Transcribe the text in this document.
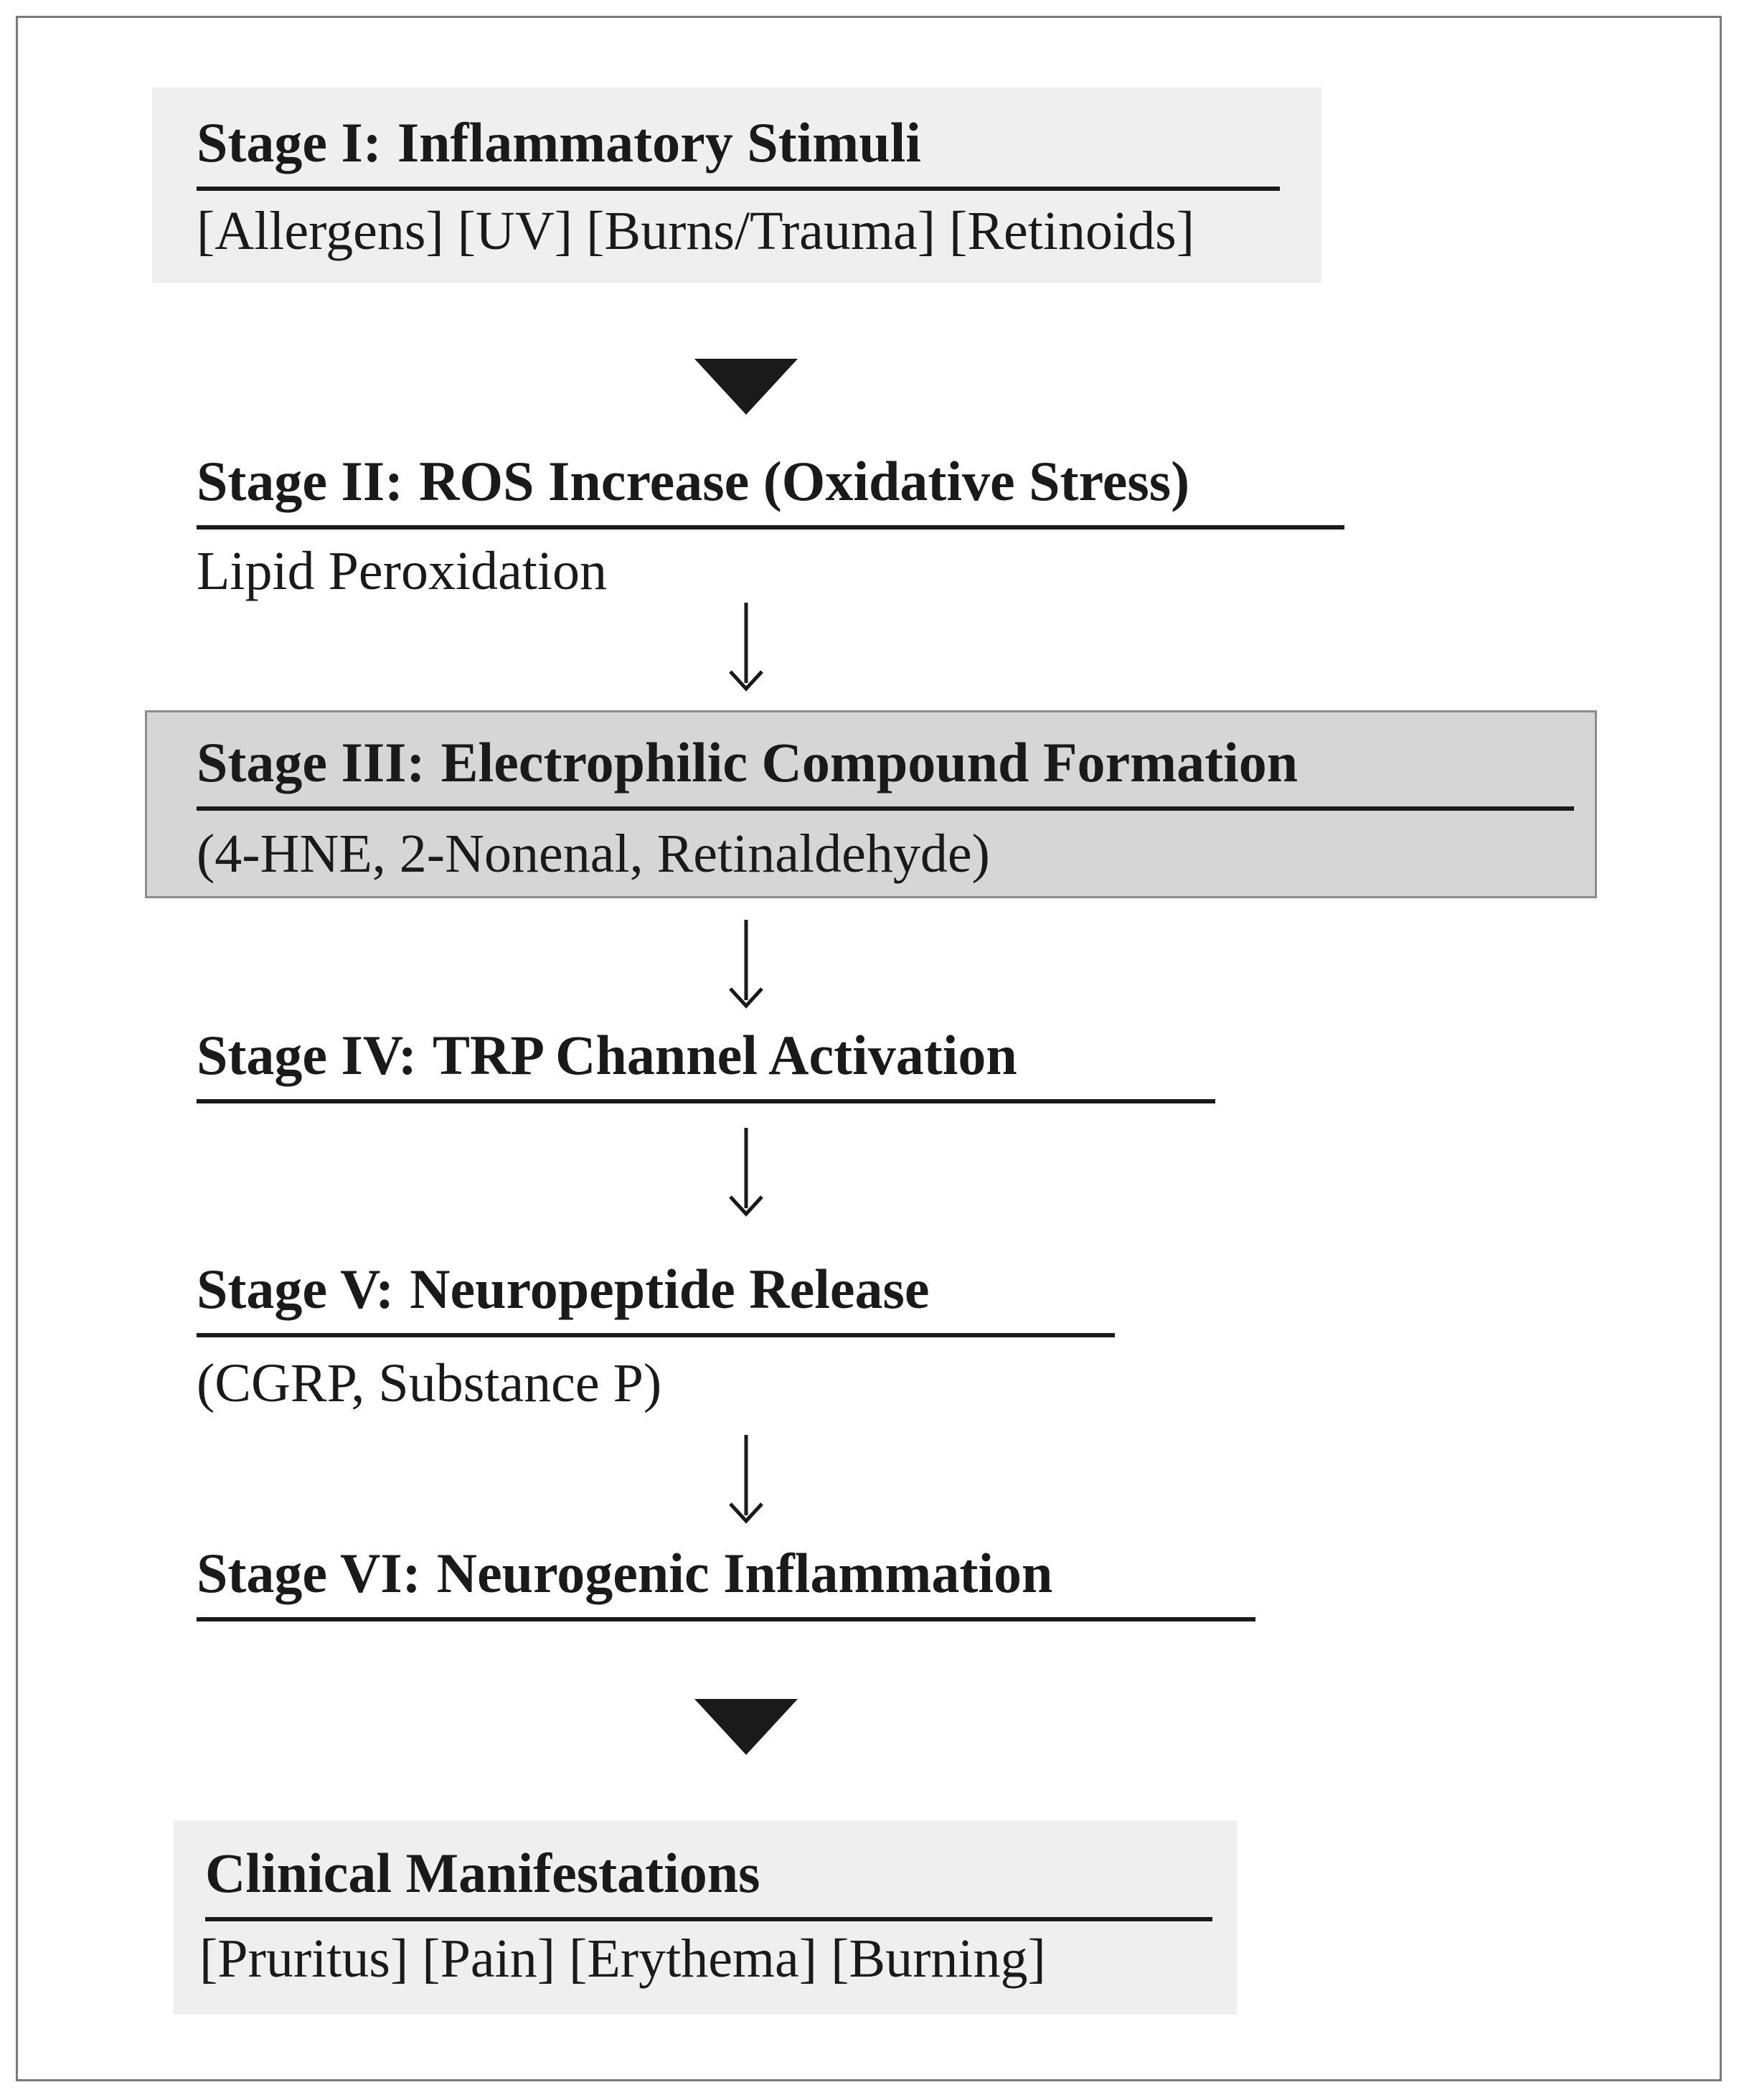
Stage I: Inflammatory Stimuli
[Allergens] [UV] [Burns/Trauma] [Retinoids]
Stage II: ROS Increase (Oxidative Stress)
Lipid Peroxidation
Stage III: Electrophilic Compound Formation
(4-HNE, 2-Nonenal, Retinaldehyde)
Stage IV: TRP Channel Activation
Stage V: Neuropeptide Release
(CGRP, Substance P)
Stage VI: Neurogenic Inflammation
Clinical Manifestations
[Pruritus] [Pain] [Erythema] [Burning]
